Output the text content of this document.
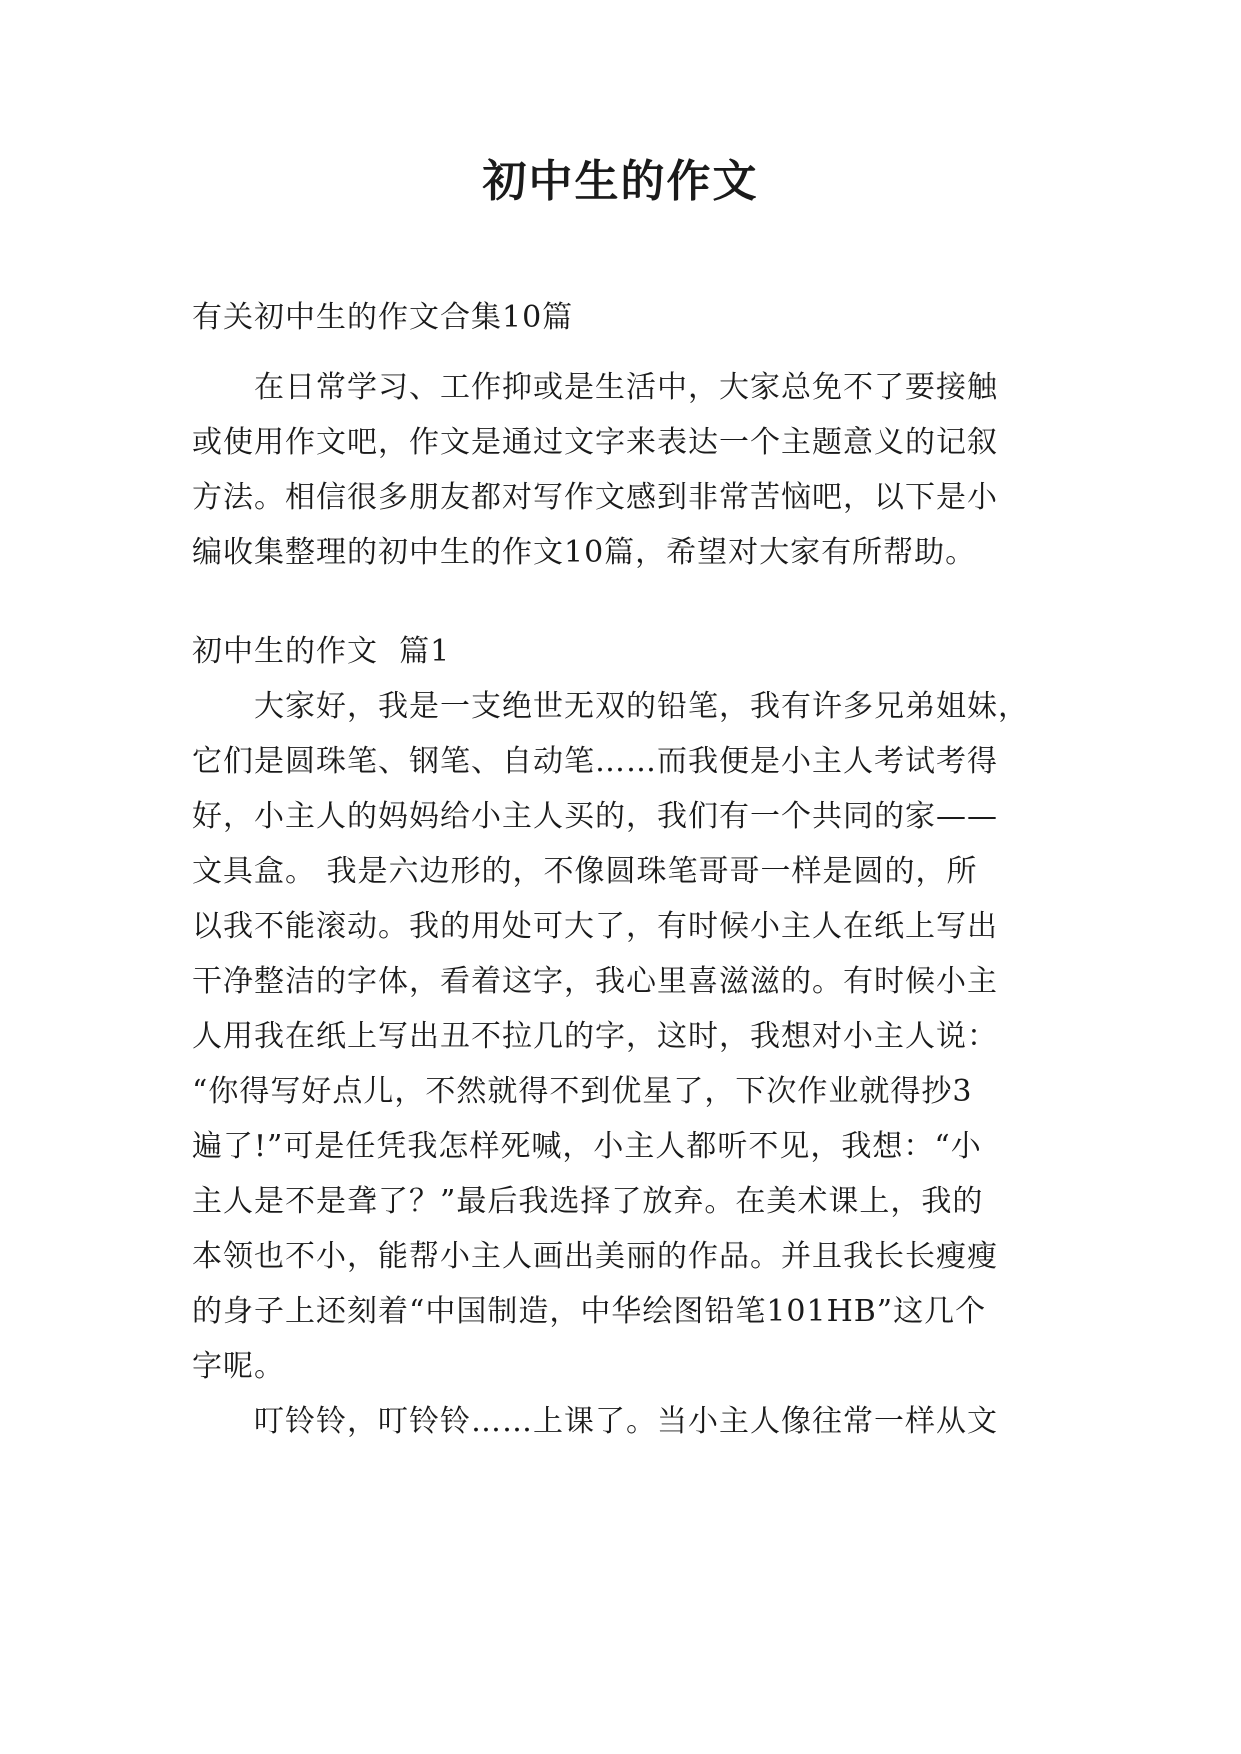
初中生的作文
有关初中生的作文合集10篇
在日常学习、工作抑或是生活中，大家总免不了要接触
或使用作文吧，作文是通过文字来表达一个主题意义的记叙
方法。相信很多朋友都对写作文感到非常苦恼吧，以下是小
编收集整理的初中生的作文10篇，希望对大家有所帮助。
初中生的作文  篇1
大家好，我是一支绝世无双的铅笔，我有许多兄弟姐妹，
它们是圆珠笔、钢笔、自动笔……而我便是小主人考试考得
好，小主人的妈妈给小主人买的，我们有一个共同的家——
文具盒。 我是六边形的，不像圆珠笔哥哥一样是圆的，所
以我不能滚动。我的用处可大了，有时候小主人在纸上写出
干净整洁的字体，看着这字，我心里喜滋滋的。有时候小主
人用我在纸上写出丑不拉几的字，这时，我想对小主人说：
“你得写好点儿，不然就得不到优星了，下次作业就得抄3
遍了!”可是任凭我怎样死喊，小主人都听不见，我想：“小
主人是不是聋了？”最后我选择了放弃。在美术课上，我的
本领也不小，能帮小主人画出美丽的作品。并且我长长瘦瘦
的身子上还刻着“中国制造，中华绘图铅笔101HB”这几个
字呢。
叮铃铃，叮铃铃……上课了。当小主人像往常一样从文
